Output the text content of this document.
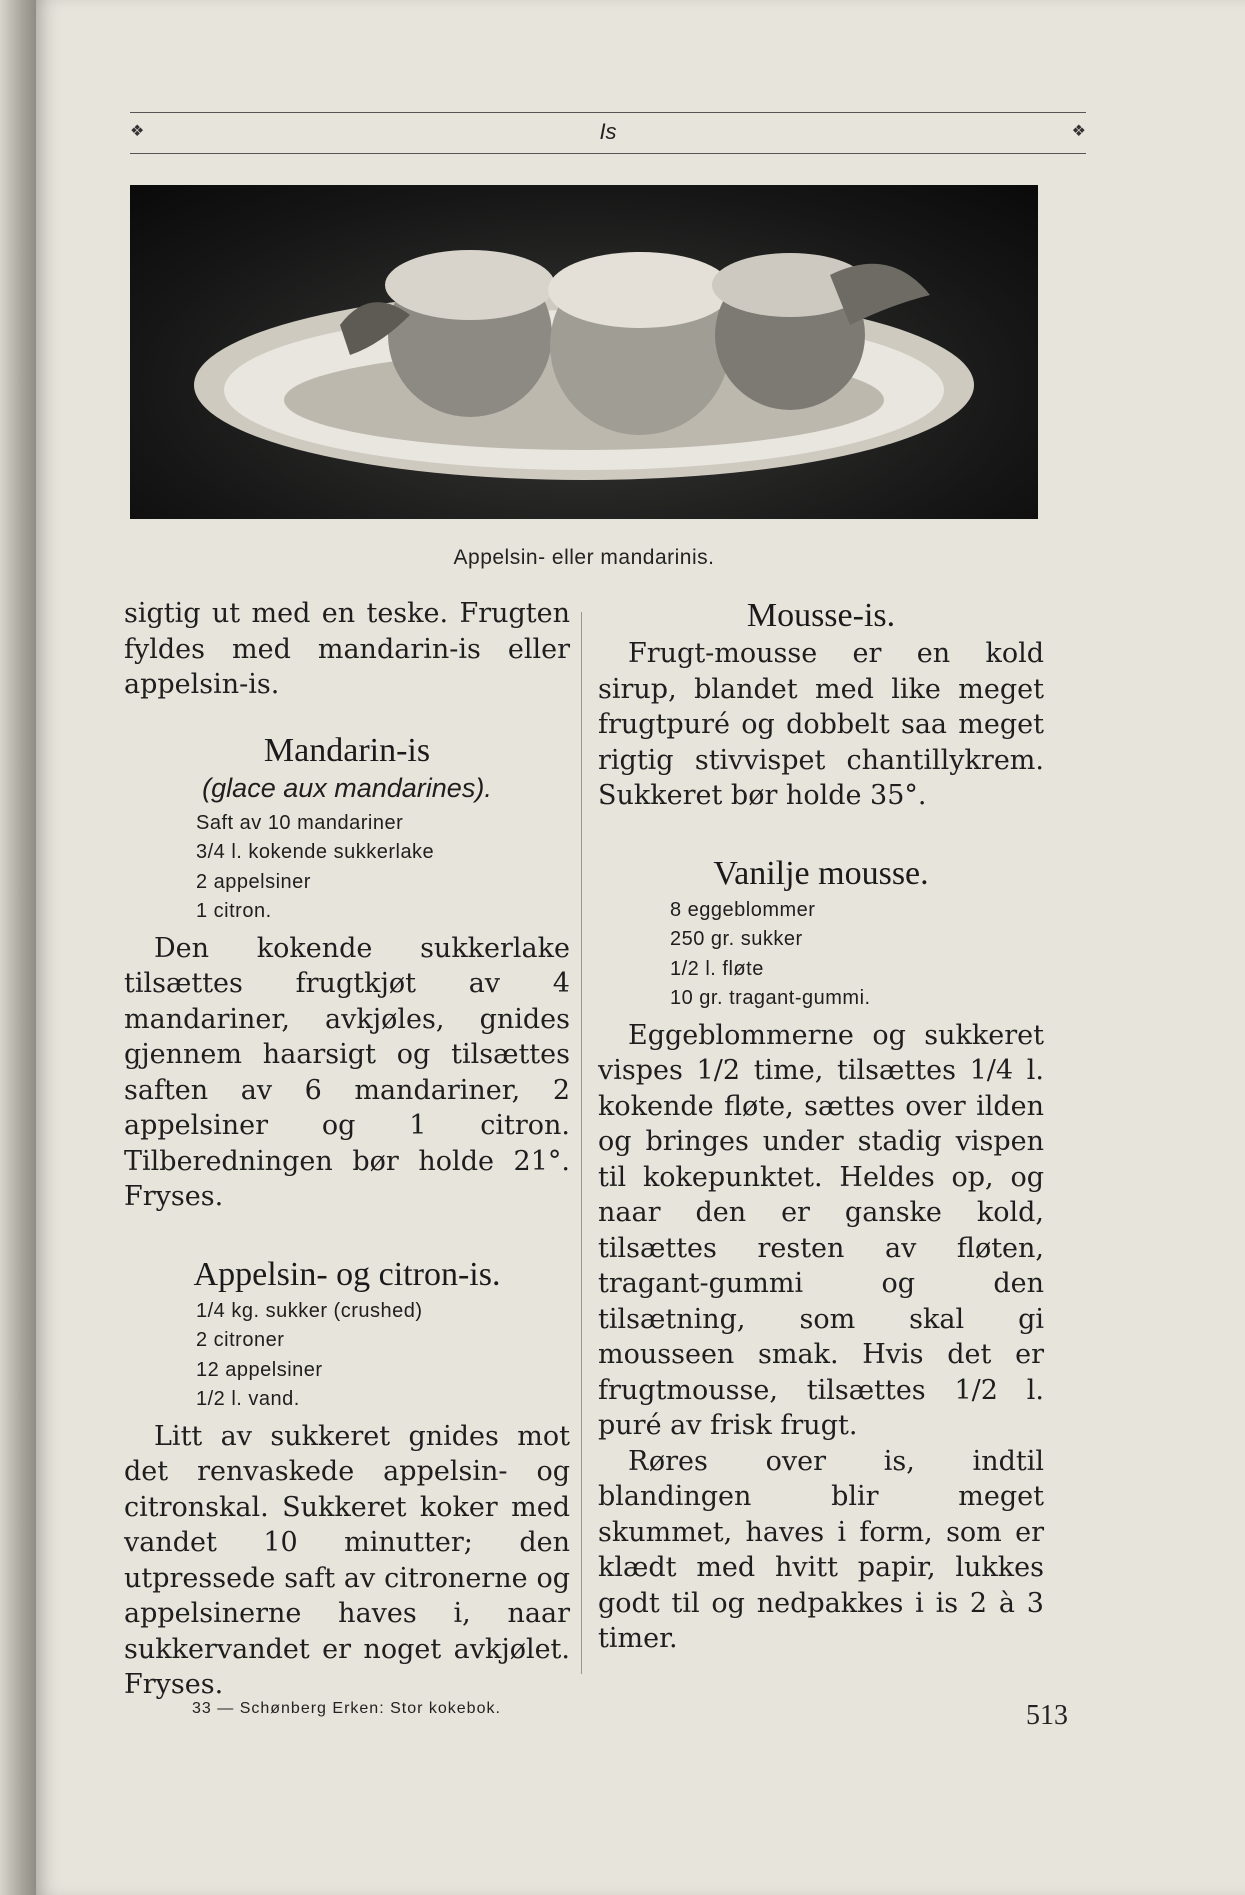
❖	Is	❖
Appelsin- eller mandarinis.

sigtig ut med en teske. Frugten fyldes med mandarin-is eller appelsin-is.

Mandarin-is

(glace aux mandarines).

Saft av 10 mandariner
3/4 l. kokende sukkerlake
2 appelsiner
1 citron.

Den kokende sukkerlake tilsættes frugtkjøt av 4 mandariner, avkjøles, gnides gjennem haarsigt og tilsættes saften av 6 mandariner, 2 appelsiner og 1 citron. Tilberedningen bør holde 21°. Fryses.

Appelsin- og citron-is.
1/4 kg. sukker (crushed)
2 citroner
12 appelsiner
1/2 l. vand.

Litt av sukkeret gnides mot det renvaskede appelsin- og citronskal. Sukkeret koker med vandet 10 minutter; den utpressede saft av citronerne og appelsinerne haves i, naar sukkervandet er noget avkjølet. Fryses.

Mousse-is.

Frugt-mousse er en kold sirup, blandet med like meget frugtpuré og dobbelt saa meget rigtig stivvispet chantillykrem. Sukkeret bør holde 35°.

Vanilje mousse.
8 eggeblommer
250 gr. sukker
1/2 l. fløte
10 gr. tragant-gummi.

Eggeblommerne og sukkeret vispes 1/2 time, tilsættes 1/4 l. kokende fløte, sættes over ilden og bringes under stadig vispen til kokepunktet. Heldes op, og naar den er ganske kold, tilsættes resten av fløten, tragant-gummi og den tilsætning, som skal gi mousseen smak. Hvis det er frugtmousse, tilsættes 1/2 l. puré av frisk frugt.

Røres over is, indtil blandingen blir meget skummet, haves i form, som er klædt med hvitt papir, lukkes godt til og nedpakkes i is 2 à 3 timer.

33 — Schønberg Erken: Stor kokebok.	513
